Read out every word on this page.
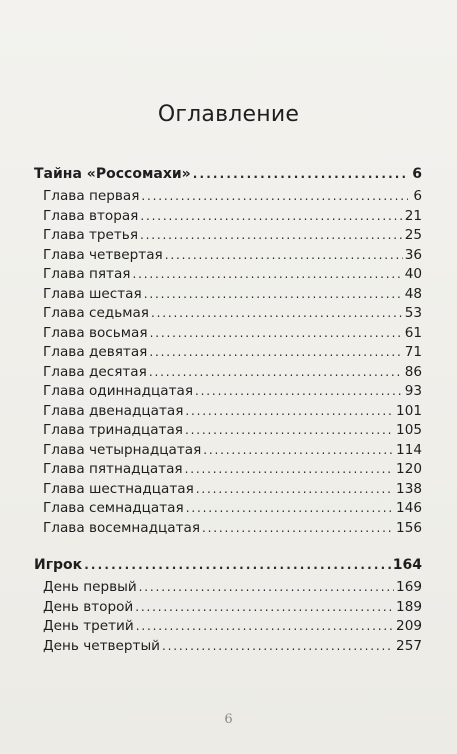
Оглавление
Тайна «Россомахи» . . .	6
Глава первая . . .	6
Глава вторая . . .	21
Глава третья . . .	25
Глава четвертая . . .	36
Глава пятая . . .	40
Глава шестая . . .	48
Глава седьмая . . .	53
Глава восьмая . . .	61
Глава девятая . . .	71
Глава десятая . . .	86
Глава одиннадцатая . . .	93
Глава двенадцатая . . .	101
Глава тринадцатая . . .	105
Глава четырнадцатая . . .	114
Глава пятнадцатая . . .	120
Глава шестнадцатая . . .	138
Глава семнадцатая . . .	146
Глава восемнадцатая . . .	156
Игрок . . .	164
День первый . . .	169
День второй . . .	189
День третий . . .	209
День четвертый . . .	257
6
